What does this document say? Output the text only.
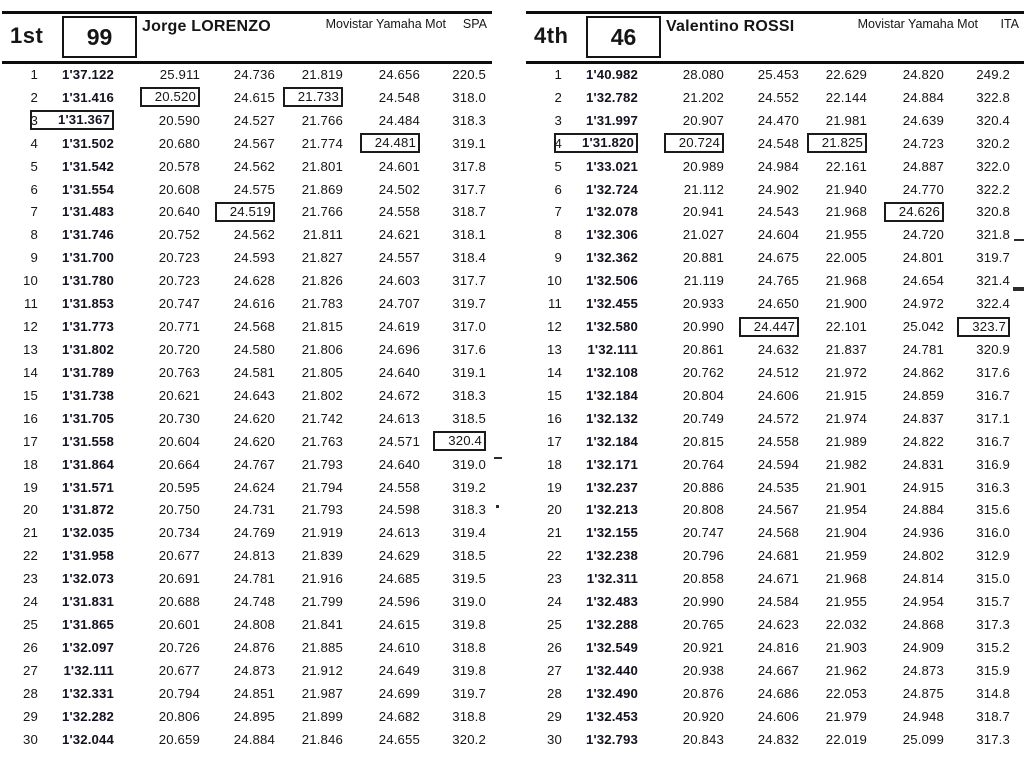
1st 99 Jorge LORENZO	Movistar Yamaha Mot SPA
1 1'37.122	25.911	24.736 21.819	24.656 220.5
2 1'31.416	20.520	24.615	21.733	24.548 318.0
3	1'31.367	20.590	24.527 21.766	24.484 318.3
4 1'31.502	20.680	24.567 21.774	24.481	319.1
5 1'31.542	20.578	24.562 21.801	24.601 317.8
6 1'31.554	20.608	24.575 21.869	24.502 317.7
7 1'31.483	20.640	24.519	21.766	24.558 318.7
8 1'31.746	20.752	24.562 21.811	24.621 318.1
9 1'31.700	20.723	24.593 21.827	24.557 318.4
10 1'31.780	20.723	24.628 21.826	24.603 317.7
11 1'31.853	20.747	24.616 21.783	24.707 319.7
12 1'31.773	20.771	24.568 21.815	24.619 317.0
13 1'31.802	20.720	24.580 21.806	24.696 317.6
14 1'31.789	20.763	24.581 21.805	24.640 319.1
15 1'31.738	20.621	24.643 21.802	24.672 318.3
16 1'31.705	20.730	24.620 21.742	24.613 318.5
17 1'31.558	20.604	24.620 21.763	24.571	320.4
18 1'31.864	20.664	24.767 21.793	24.640 319.0
19 1'31.571	20.595	24.624 21.794	24.558 319.2
20 1'31.872	20.750	24.731 21.793	24.598 318.3
21 1'32.035	20.734	24.769 21.919	24.613 319.4
22 1'31.958	20.677	24.813 21.839	24.629 318.5
23 1'32.073	20.691	24.781 21.916	24.685 319.5
24 1'31.831	20.688	24.748 21.799	24.596 319.0
25 1'31.865	20.601	24.808 21.841	24.615 319.8
26 1'32.097	20.726	24.876 21.885	24.610 318.8
27 1'32.111	20.677	24.873 21.912	24.649 319.8
28 1'32.331	20.794	24.851 21.987	24.699 319.7
29 1'32.282	20.806	24.895 21.899	24.682 318.8
30 1'32.044	20.659	24.884 21.846	24.655 320.2
4th 46 Valentino ROSSI	Movistar Yamaha Mot ITA
1 1'40.982	28.080	25.453 22.629	24.820 249.2
2 1'32.782	21.202	24.552 22.144	24.884 322.8
3 1'31.997	20.907	24.470 21.981	24.639 320.4
4	1'31.820	20.724	24.548	21.825	24.723 320.2
5 1'33.021	20.989	24.984 22.161	24.887 322.0
6 1'32.724	21.112	24.902 21.940	24.770 322.2
7 1'32.078	20.941	24.543 21.968	24.626	320.8
8 1'32.306	21.027	24.604 21.955	24.720 321.8
9 1'32.362	20.881	24.675 22.005	24.801 319.7
10 1'32.506	21.119	24.765 21.968	24.654 321.4
11 1'32.455	20.933	24.650 21.900	24.972 322.4
12 1'32.580	20.990	24.447	22.101	25.042	323.7
13 1'32.111	20.861	24.632 21.837	24.781 320.9
14 1'32.108	20.762	24.512 21.972	24.862 317.6
15 1'32.184	20.804	24.606 21.915	24.859 316.7
16 1'32.132	20.749	24.572 21.974	24.837 317.1
17 1'32.184	20.815	24.558 21.989	24.822 316.7
18 1'32.171	20.764	24.594 21.982	24.831 316.9
19 1'32.237	20.886	24.535 21.901	24.915 316.3
20 1'32.213	20.808	24.567 21.954	24.884 315.6
21 1'32.155	20.747	24.568 21.904	24.936 316.0
22 1'32.238	20.796	24.681 21.959	24.802 312.9
23 1'32.311	20.858	24.671 21.968	24.814 315.0
24 1'32.483	20.990	24.584 21.955	24.954 315.7
25 1'32.288	20.765	24.623 22.032	24.868 317.3
26 1'32.549	20.921	24.816 21.903	24.909 315.2
27 1'32.440	20.938	24.667 21.962	24.873 315.9
28 1'32.490	20.876	24.686 22.053	24.875 314.8
29 1'32.453	20.920	24.606 21.979	24.948 318.7
30 1'32.793	20.843	24.832 22.019	25.099 317.3
